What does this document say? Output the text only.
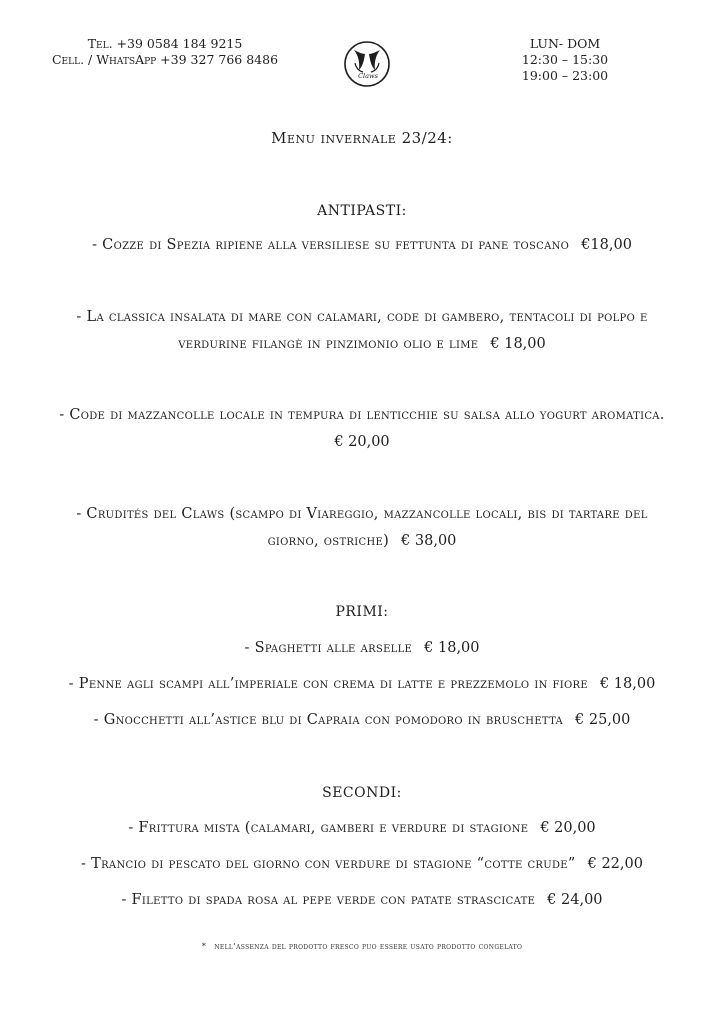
Tel. +39 0584 184 9215
Cell. / WhatsApp +39 327 766 8486
Claws
LUN- DOM
12:30 – 15:30
19:00 – 23:00
Menu invernale 23/24:
ANTIPASTI:
- Cozze di Spezia ripiene alla versiliese su fettunta di pane toscano €18,00
- La classica insalata di mare con calamari, code di gambero, tentacoli di polpo e
verdurine filangè in pinzimonio olio e lime € 18,00
- Code di mazzancolle locale in tempura di lenticchie su salsa allo yogurt aromatica.
€ 20,00
- Crudités del Claws (scampo di Viareggio, mazzancolle locali, bis di tartare del
giorno, ostriche) € 38,00
PRIMI:
- Spaghetti alle arselle € 18,00
- Penne agli scampi all’imperiale con crema di latte e prezzemolo in fiore € 18,00
- Gnocchetti all’astice blu di Capraia con pomodoro in bruschetta € 25,00
SECONDI:
- Frittura mista (calamari, gamberi e verdure di stagione € 20,00
- Trancio di pescato del giorno con verdure di stagione “cotte crude” € 22,00
- Filetto di spada rosa al pepe verde con patate strascicate € 24,00
* nell’assenza del prodotto fresco puo essere usato prodotto congelato
